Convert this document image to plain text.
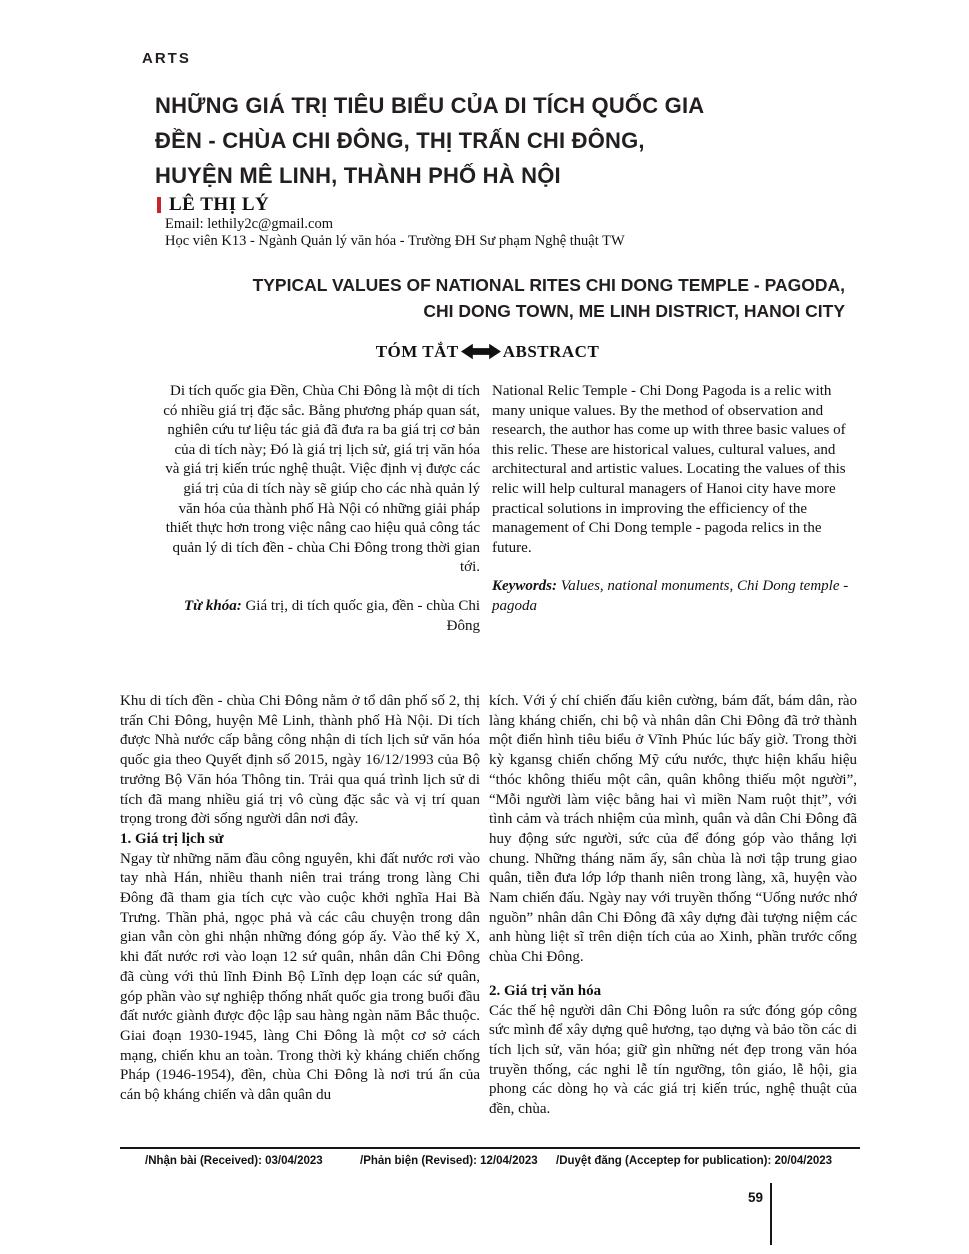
ARTS
NHỮNG GIÁ TRỊ TIÊU BIỂU CỦA DI TÍCH QUỐC GIA
ĐỀN - CHÙA CHI ĐÔNG, THỊ TRẤN CHI ĐÔNG,
HUYỆN MÊ LINH, THÀNH PHỐ HÀ NỘI
LÊ THỊ LÝ
Email: lethily2c@gmail.com
Học viên K13 - Ngành Quản lý văn hóa - Trường ĐH Sư phạm Nghệ thuật TW
TYPICAL VALUES OF NATIONAL RITES CHI DONG TEMPLE - PAGODA,
CHI DONG TOWN, ME LINH DISTRICT, HANOI CITY
TÓM TẮT	ABSTRACT
Di tích quốc gia Đền, Chùa Chi Đông là một di tích có nhiều giá trị đặc sắc. Bằng phương pháp quan sát, nghiên cứu tư liệu tác giả đã đưa ra ba giá trị cơ bản của di tích này; Đó là giá trị lịch sử, giá trị văn hóa và giá trị kiến trúc nghệ thuật. Việc định vị được các giá trị của di tích này sẽ giúp cho các nhà quản lý văn hóa của thành phố Hà Nội có những giải pháp thiết thực hơn trong việc nâng cao hiệu quả công tác quản lý di tích đền - chùa Chi Đông trong thời gian tới.
Từ khóa: Giá trị, di tích quốc gia, đền - chùa Chi Đông
National Relic Temple - Chi Dong Pagoda is a relic with many unique values. By the method of observation and research, the author has come up with three basic values of this relic. These are historical values, cultural values, and architectural and artistic values. Locating the values of this relic will help cultural managers of Hanoi city have more practical solutions in improving the efficiency of the management of Chi Dong temple - pagoda relics in the future.
Keywords: Values, national monuments, Chi Dong temple - pagoda

Khu di tích đền - chùa Chi Đông nằm ở tổ dân phố số 2, thị trấn Chi Đông, huyện Mê Linh, thành phố Hà Nội. Di tích được Nhà nước cấp bằng công nhận di tích lịch sử văn hóa quốc gia theo Quyết định số 2015, ngày 16/12/1993 của Bộ trưởng Bộ Văn hóa Thông tin. Trải qua quá trình lịch sử di tích đã mang nhiều giá trị vô cùng đặc sắc và vị trí quan trọng trong đời sống người dân nơi đây.

1. Giá trị lịch sử

Ngay từ những năm đầu công nguyên, khi đất nước rơi vào tay nhà Hán, nhiều thanh niên trai tráng trong làng Chi Đông đã tham gia tích cực vào cuộc khởi nghĩa Hai Bà Trưng. Thần phả, ngọc phả và các câu chuyện trong dân gian vẫn còn ghi nhận những đóng góp ấy. Vào thế kỷ X, khi đất nước rơi vào loạn 12 sứ quân, nhân dân Chi Đông đã cùng với thủ lĩnh Đinh Bộ Lĩnh dẹp loạn các sứ quân, góp phần vào sự nghiệp thống nhất quốc gia trong buổi đầu đất nước giành được độc lập sau hàng ngàn năm Bắc thuộc. Giai đoạn 1930-1945, làng Chi Đông là một cơ sở cách mạng, chiến khu an toàn. Trong thời kỳ kháng chiến chống Pháp (1946-1954), đền, chùa Chi Đông là nơi trú ẩn của cán bộ kháng chiến và dân quân du

kích. Với ý chí chiến đấu kiên cường, bám đất, bám dân, rào làng kháng chiến, chi bộ và nhân dân Chi Đông đã trở thành một điển hình tiêu biểu ở Vĩnh Phúc lúc bấy giờ. Trong thời kỳ kgansg chiến chống Mỹ cứu nước, thực hiện khẩu hiệu “thóc không thiếu một cân, quân không thiếu một người”, “Mỗi người làm việc bằng hai vì miền Nam ruột thịt”, với tình cảm và trách nhiệm của mình, quân và dân Chi Đông đã huy động sức người, sức của để đóng góp vào thắng lợi chung. Những tháng năm ấy, sân chùa là nơi tập trung giao quân, tiễn đưa lớp lớp thanh niên trong làng, xã, huyện vào Nam chiến đấu. Ngày nay với truyền thống “Uống nước nhớ nguồn” nhân dân Chi Đông đã xây dựng đài tượng niệm các anh hùng liệt sĩ trên diện tích của ao Xinh, phần trước cổng chùa Chi Đông.

2. Giá trị văn hóa

Các thế hệ người dân Chi Đông luôn ra sức đóng góp công sức mình để xây dựng quê hương, tạo dựng và bảo tồn các di tích lịch sử, văn hóa; giữ gìn những nét đẹp trong văn hóa truyền thống, các nghi lễ tín ngưỡng, tôn giáo, lễ hội, gia phong các dòng họ và các giá trị kiến trúc, nghệ thuật của đền, chùa.

/Nhận bài (Received): 03/04/2023	/Phản biện (Revised): 12/04/2023 /Duyệt đăng (Acceptep for publication): 20/04/2023
59
